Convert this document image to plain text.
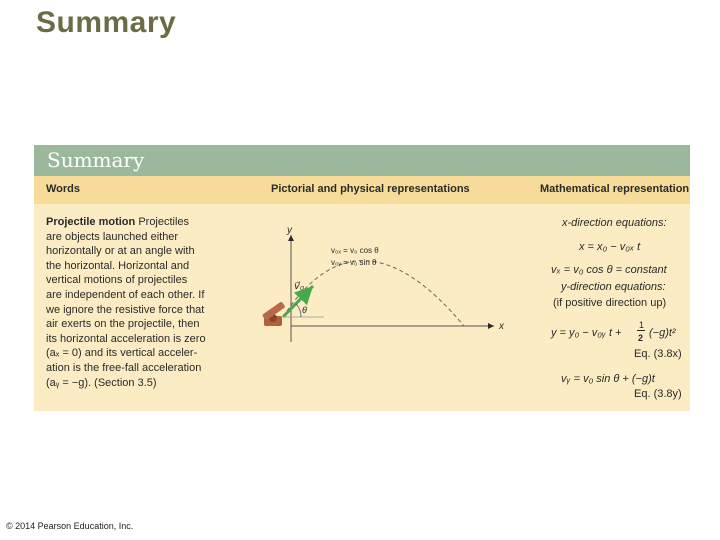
Summary
Summary
Words	Pictorial and physical representations	Mathematical representation
Projectile motion Projectiles
are objects launched either
horizontally or at an angle with
the horizontal. Horizontal and
vertical motions of projectiles
are independent of each other. If
we ignore the resistive force that
air exerts on the projectile, then
its horizontal acceleration is zero
(aₓ = 0) and its vertical acceler-
ation is the free-fall acceleration
(aᵧ = −g). (Section 3.5)
y
x
θ
v⃗₀
v₀ₓ = v₀ cos θ
v₀ᵧ = v₀ sin θ
x-direction equations:
x = x₀ − v₀ₓ t
vₓ = v₀ cos θ = constant
y-direction equations:
(if positive direction up)
y = y₀ − v₀ᵧ t +
1
2 (−g)t²
Eq. (3.8x)
vᵧ = v₀ sin θ + (−g)t
Eq. (3.8y)
© 2014 Pearson Education, Inc.
